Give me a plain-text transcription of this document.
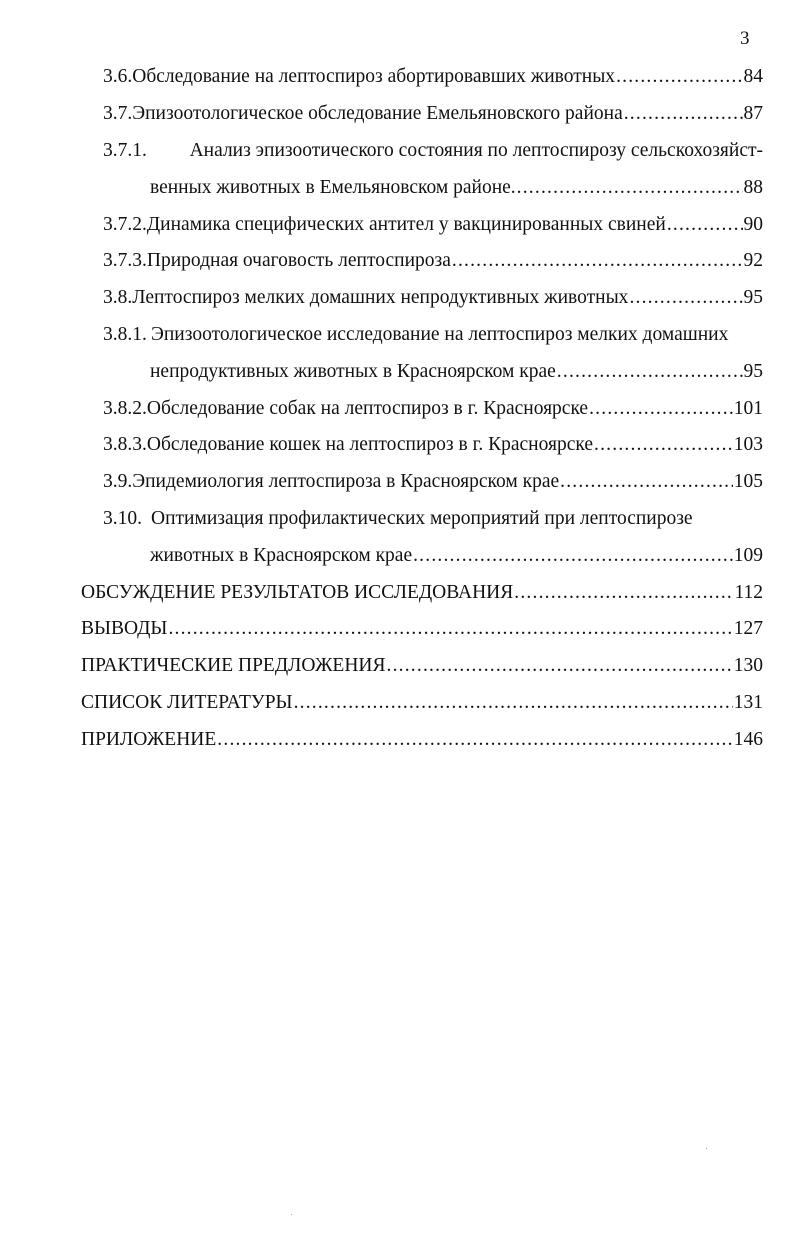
3
3.6. Обследование на лептоспироз абортировавших животных .....	84
3.7. Эпизоотологическое обследование Емельяновского района .....	87
3.7.1. Анализ эпизоотического состояния по лептоспирозу сельскохозяйст-
венных животных в Емельяновском районе. .....	88
3.7.2. Динамика специфических антител у вакцинированных свиней .....	90
3.7.3. Природная очаговость лептоспироза .....	92
3.8. Лептоспироз мелких домашних непродуктивных животных .....	95
3.8.1. Эпизоотологическое исследование на лептоспироз мелких домашних
непродуктивных животных в Красноярском крае .....	95
3.8.2. Обследование собак на лептоспироз в г. Красноярске .....	101
3.8.3. Обследование кошек на лептоспироз в г. Красноярске .....	103
3.9. Эпидемиология лептоспироза в Красноярском крае .....	105
3.10. Оптимизация профилактических мероприятий при лептоспирозе
животных в Красноярском крае .....	109
ОБСУЖДЕНИЕ РЕЗУЛЬТАТОВ ИССЛЕДОВАНИЯ .....	112
ВЫВОДЫ .....	127
ПРАКТИЧЕСКИЕ ПРЕДЛОЖЕНИЯ .....	130
СПИСОК ЛИТЕРАТУРЫ .....	131
ПРИЛОЖЕНИЕ .....	146
